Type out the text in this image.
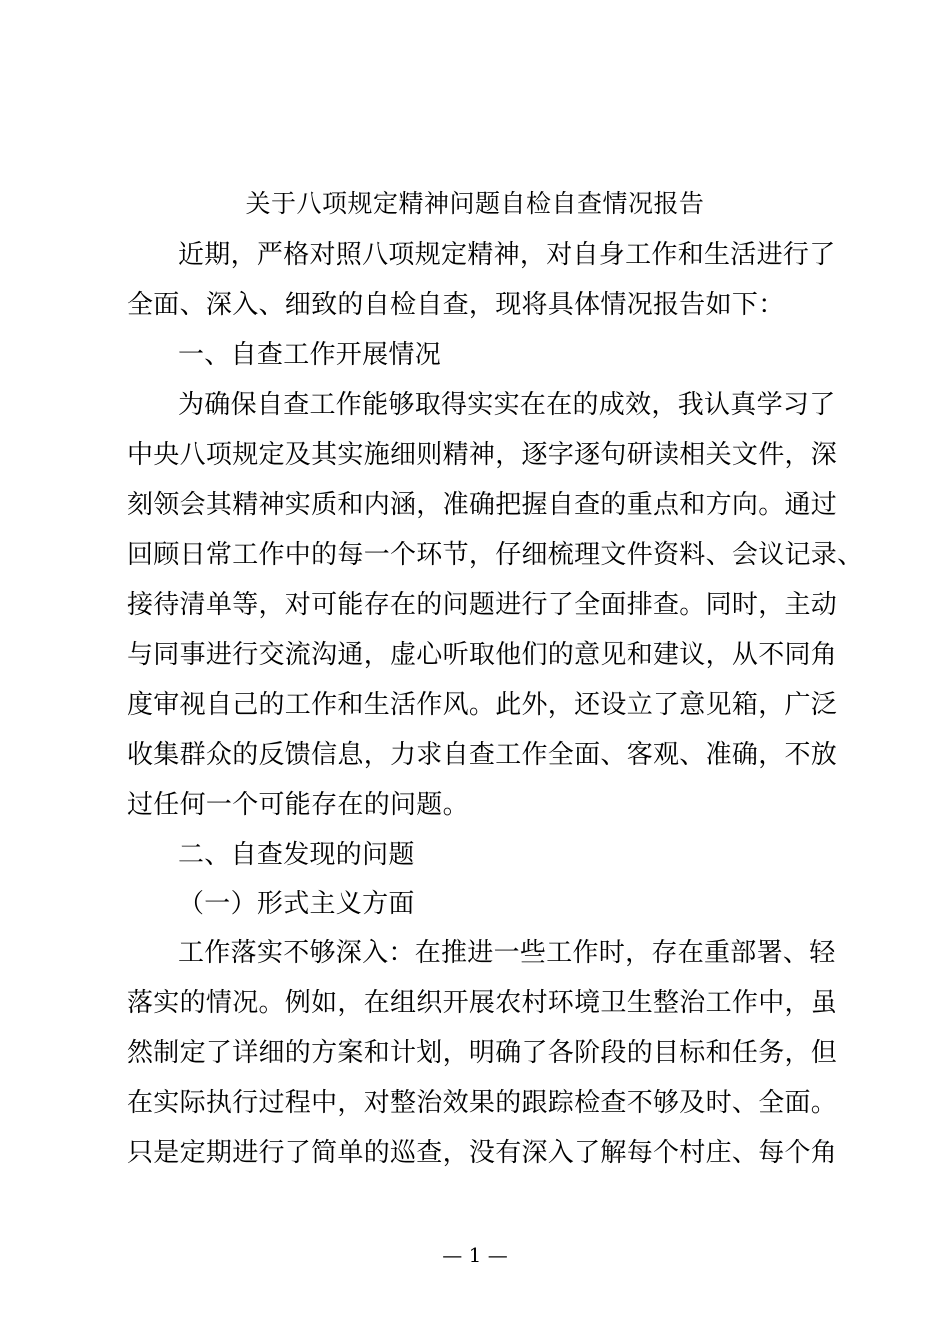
关于八项规定精神问题自检自查情况报告
近期，严格对照八项规定精神，对自身工作和生活进行了
全面、深入、细致的自检自查，现将具体情况报告如下：
一、自查工作开展情况
为确保自查工作能够取得实实在在的成效，我认真学习了
中央八项规定及其实施细则精神，逐字逐句研读相关文件，深
刻领会其精神实质和内涵，准确把握自查的重点和方向。通过
回顾日常工作中的每一个环节，仔细梳理文件资料、会议记录、
接待清单等，对可能存在的问题进行了全面排查。同时，主动
与同事进行交流沟通，虚心听取他们的意见和建议，从不同角
度审视自己的工作和生活作风。此外，还设立了意见箱，广泛
收集群众的反馈信息，力求自查工作全面、客观、准确，不放
过任何一个可能存在的问题。
二、自查发现的问题
（一）形式主义方面
工作落实不够深入：在推进一些工作时，存在重部署、轻
落实的情况。例如，在组织开展农村环境卫生整治工作中，虽
然制定了详细的方案和计划，明确了各阶段的目标和任务，但
在实际执行过程中，对整治效果的跟踪检查不够及时、全面。
只是定期进行了简单的巡查，没有深入了解每个村庄、每个角
— 1 —
